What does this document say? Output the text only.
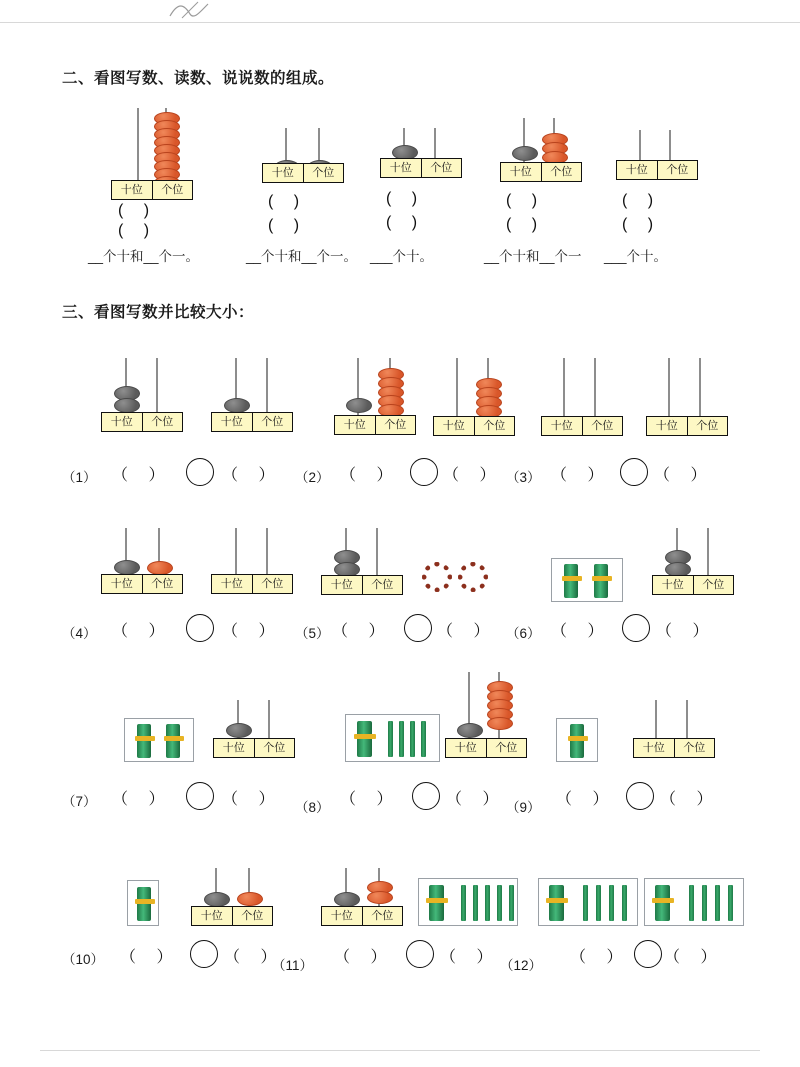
二、看图写数、读数、说说数的组成。
十位	个位
( )
( )
__个十和__个一。
十位	个位
( )
( )
__个十和__个一。
十位	个位
( )
( )
___个十。
十位	个位
( )
( )
__个十和__个一
十位	个位
( )
( )
___个十。
三、看图写数并比较大小：
十位	个位	十位	个位
（1） （ ）	（ ）
十位	个位	十位	个位
（2） （ ）	（ ）
十位	个位	十位	个位
（3） （ ）	（ ）
十位	个位	十位	个位
（4） （ ）	（ ）
十位	个位
（5） （ ）	（ ）
十位	个位
（6） （ ）	（ ）
十位	个位
（7） （ ）	（ ）
十位	个位
（8） （ ）	（ ）
十位	个位
（9） （ ）	（ ）
十位	个位
（10） （ ）	（ ）
十位	个位
（11） （ ）	（ ） （12） （ ） （ ）
